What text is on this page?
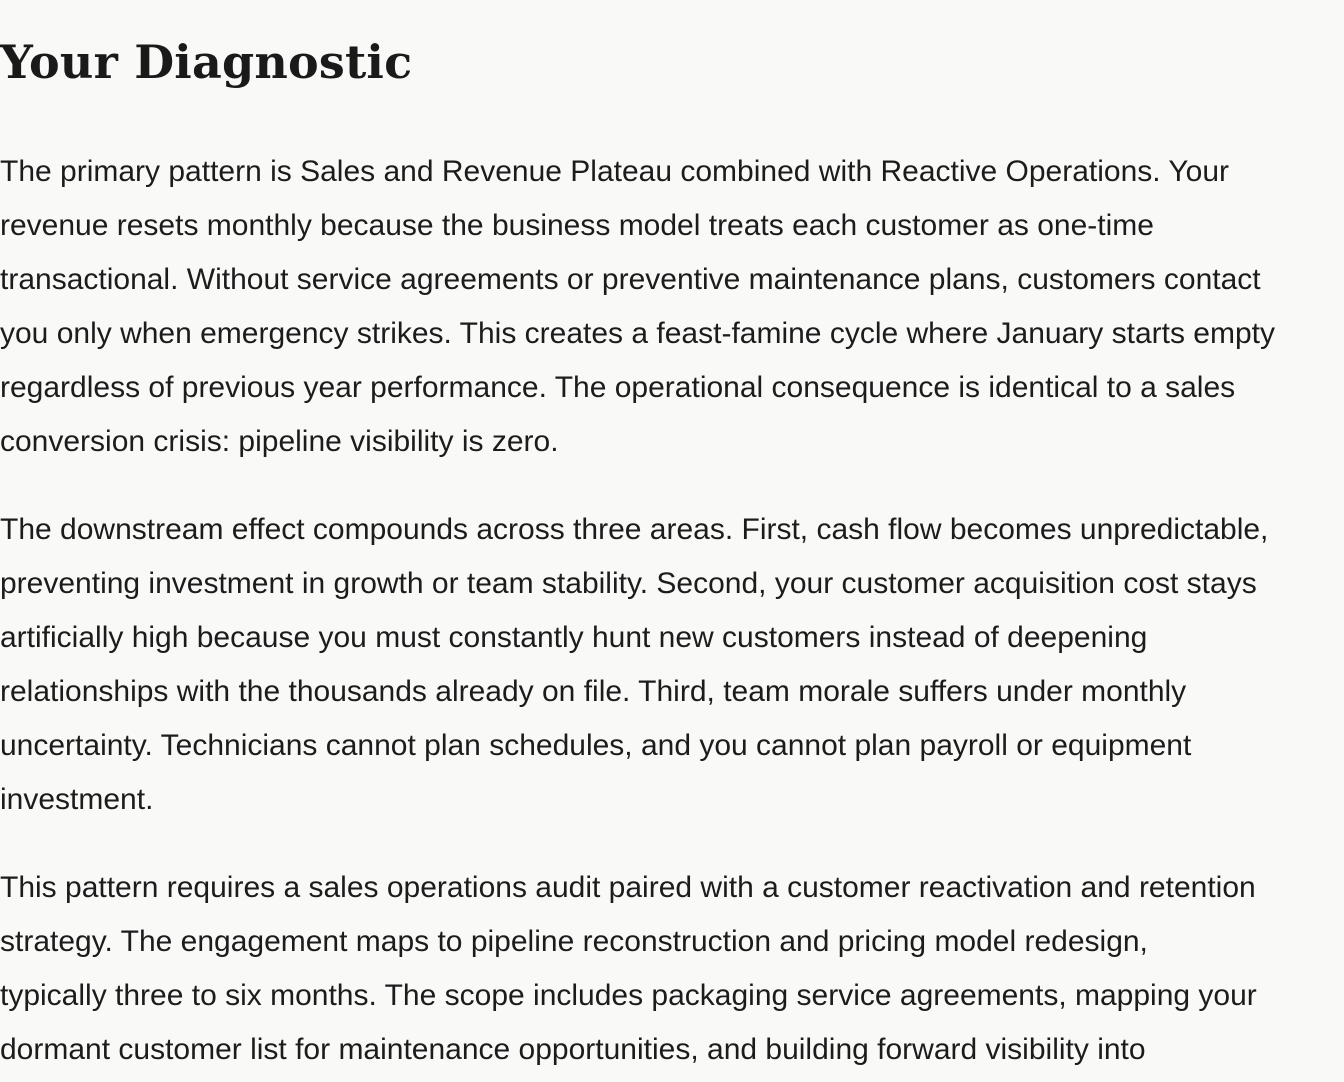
Your Diagnostic

The primary pattern is Sales and Revenue Plateau combined with Reactive Operations. Your
revenue resets monthly because the business model treats each customer as one-time
transactional. Without service agreements or preventive maintenance plans, customers contact
you only when emergency strikes. This creates a feast-famine cycle where January starts empty
regardless of previous year performance. The operational consequence is identical to a sales
conversion crisis: pipeline visibility is zero.

The downstream effect compounds across three areas. First, cash flow becomes unpredictable,
preventing investment in growth or team stability. Second, your customer acquisition cost stays
artificially high because you must constantly hunt new customers instead of deepening
relationships with the thousands already on file. Third, team morale suffers under monthly
uncertainty. Technicians cannot plan schedules, and you cannot plan payroll or equipment
investment.

This pattern requires a sales operations audit paired with a customer reactivation and retention
strategy. The engagement maps to pipeline reconstruction and pricing model redesign,
typically three to six months. The scope includes packaging service agreements, mapping your
dormant customer list for maintenance opportunities, and building forward visibility into
